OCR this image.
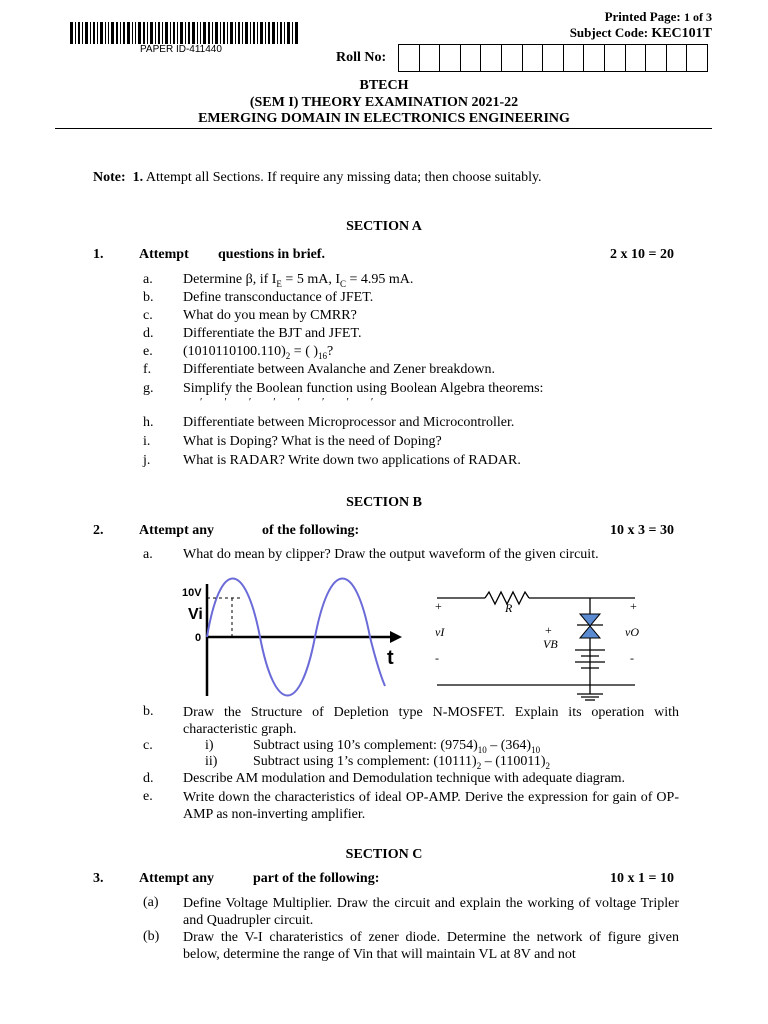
PAPER ID-411440
Printed Page: 1 of 3
Subject Code: KEC101T
Roll No:
BTECH
(SEM I) THEORY EXAMINATION 2021-22
EMERGING DOMAIN IN ELECTRONICS ENGINEERING
Note: 1. Attempt all Sections. If require any missing data; then choose suitably.
SECTION A
1.	Attempt questions in brief.	2 x 10 = 20
a.	Determine β, if $I_E = 5$ mA, $I_C = 4.95$ mA.
b.	Define transconductance of JFET.
c.	What do you mean by CMRR?
d.	Differentiate the BJT and JFET.
e.	$(1010110100.110)_2$ = ( )$_{16}$?
f.	Differentiate between Avalanche and Zener breakdown.
g.	Simplify the Boolean function using Boolean Algebra theorems:
′′′′′′′′
h.	Differentiate between Microprocessor and Microcontroller.
i.	What is Doping? What is the need of Doping?
j.	What is RADAR? Write down two applications of RADAR.
SECTION B
2.	Attempt any	of the following:	10 x 3 = 30
a.	What do mean by clipper? Draw the output waveform of the given circuit.
10V
Vi
0
t
+	R
vI	+
VB
+
vO
-	-
b.	Draw the Structure of Depletion type N-MOSFET. Explain its operation with characteristic graph.
c.	i)	Subtract using 10’s complement: $(9754)_{10} - (364)_{10}$
ii)	Subtract using 1’s complement: $(10111)_2 - (110011)_2$
d.	Describe AM modulation and Demodulation technique with adequate diagram.
e.	Write down the characteristics of ideal OP-AMP. Derive the expression for gain of OP-AMP as non-inverting amplifier.
SECTION C
3.	Attempt any	part of the following:	10 x 1 = 10
(a)	Define Voltage Multiplier. Draw the circuit and explain the working of voltage Tripler and Quadrupler circuit.
(b)	Draw the V-I charateristics of zener diode. Determine the network of figure given below, determine the range of Vin that will maintain VL at 8V and not
